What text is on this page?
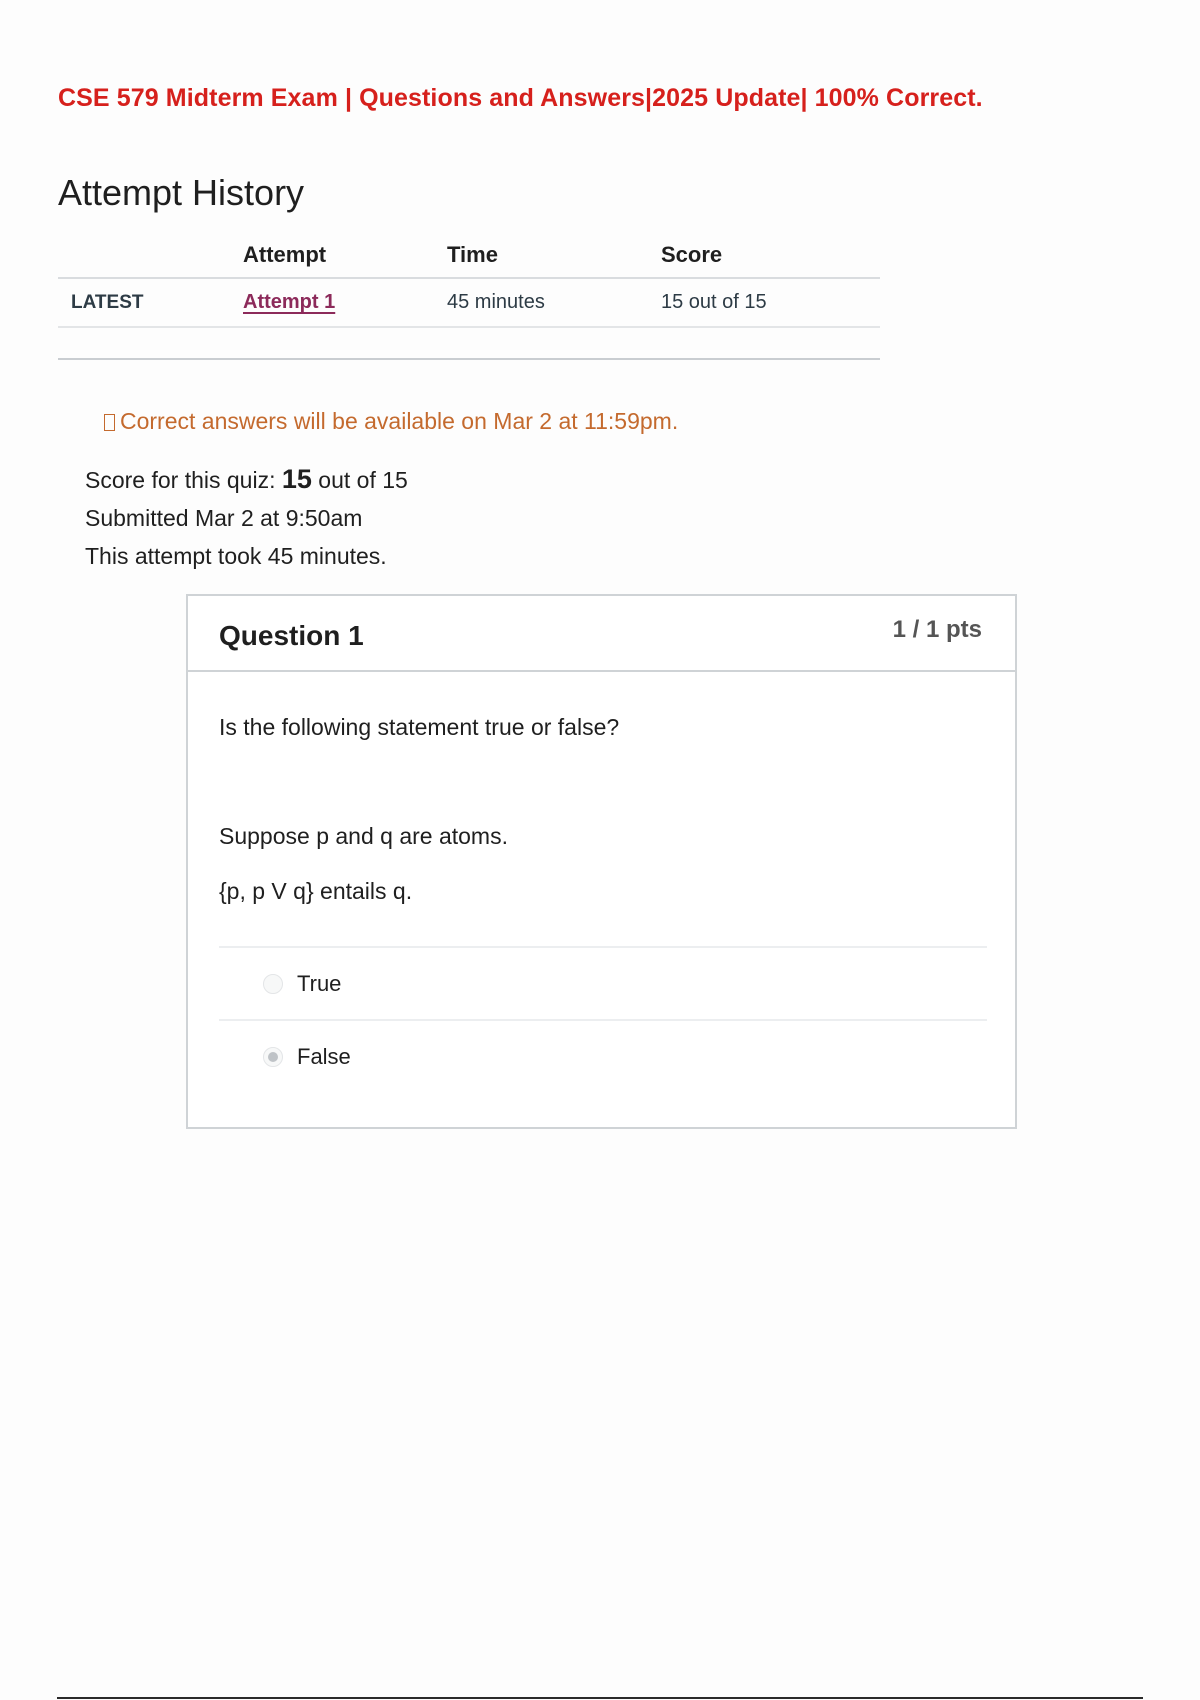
CSE 579 Midterm Exam | Questions and Answers|2025 Update| 100% Correct.
Attempt History
	Attempt	Time	Score
LATEST	Attempt 1	45 minutes	15 out of 15

Correct answers will be available on Mar 2 at 11:59pm.
Score for this quiz: 15 out of 15
Submitted Mar 2 at 9:50am
This attempt took 45 minutes.
Question 1	1 / 1 pts
Is the following statement true or false?
Suppose p and q are atoms.
{p, p V q} entails q.
True
False
